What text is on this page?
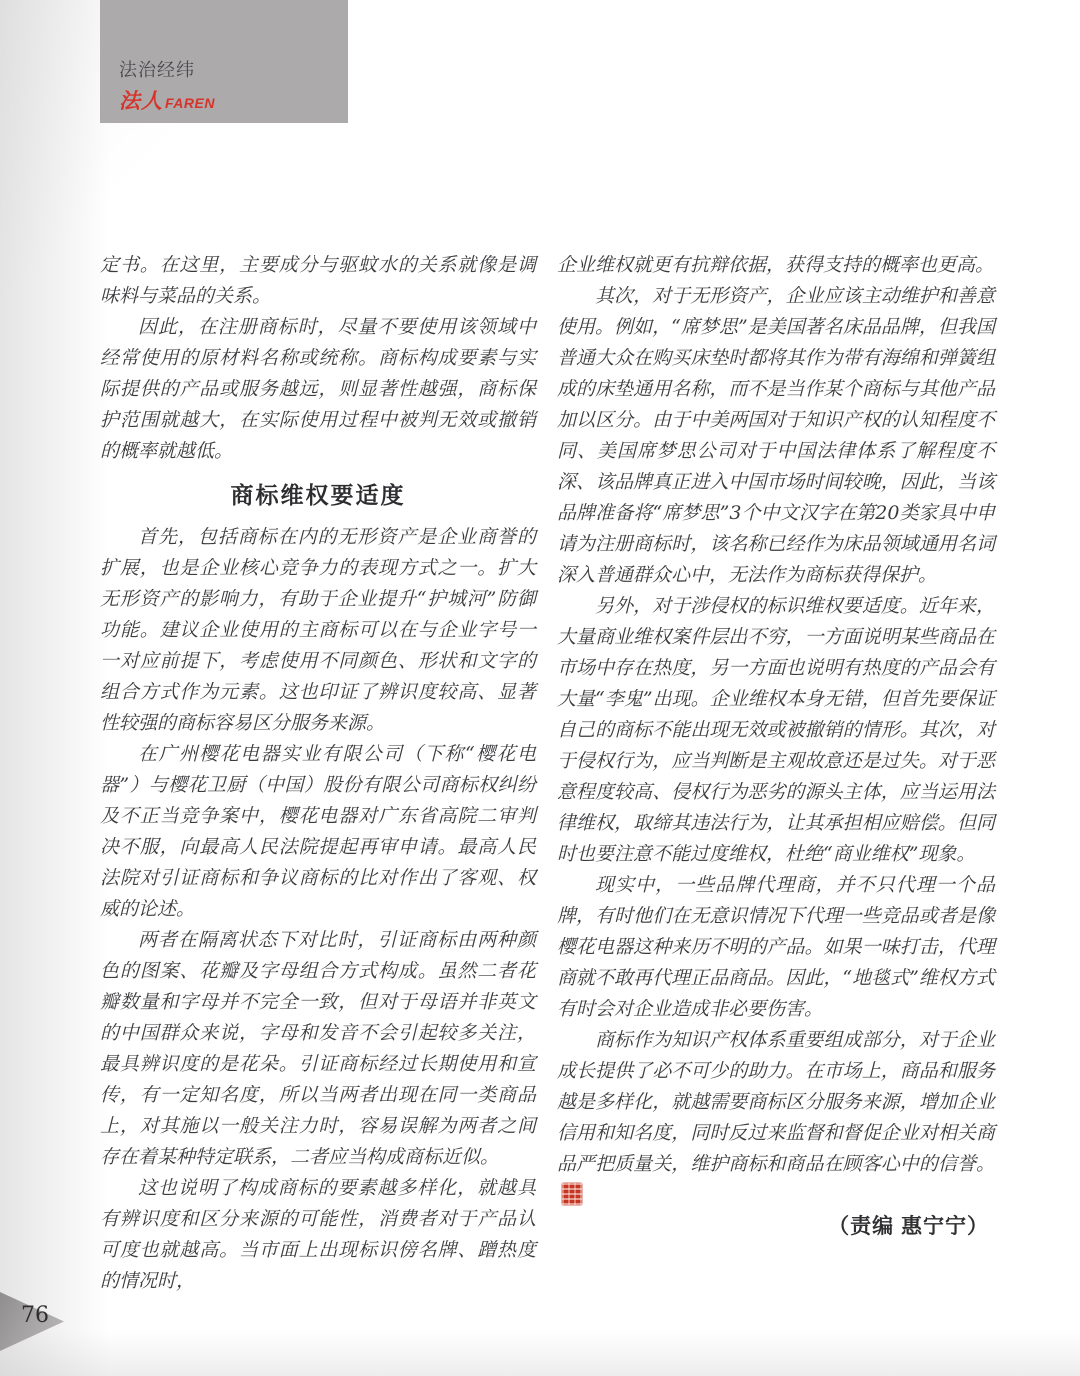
法治经纬
法人 FAREN

定书。在这里，主要成分与驱蚊水的关系就像是调味料与菜品的关系。

因此，在注册商标时，尽量不要使用该领域中经常使用的原材料名称或统称。商标构成要素与实际提供的产品或服务越远，则显著性越强，商标保护范围就越大，在实际使用过程中被判无效或撤销的概率就越低。

商标维权要适度

首先，包括商标在内的无形资产是企业商誉的扩展，也是企业核心竞争力的表现方式之一。扩大无形资产的影响力，有助于企业提升“护城河”防御功能。建议企业使用的主商标可以在与企业字号一一对应前提下，考虑使用不同颜色、形状和文字的组合方式作为元素。这也印证了辨识度较高、显著性较强的商标容易区分服务来源。

在广州樱花电器实业有限公司（下称“樱花电器”）与樱花卫厨（中国）股份有限公司商标权纠纷及不正当竞争案中，樱花电器对广东省高院二审判决不服，向最高人民法院提起再审申请。最高人民法院对引证商标和争议商标的比对作出了客观、权威的论述。

两者在隔离状态下对比时，引证商标由两种颜色的图案、花瓣及字母组合方式构成。虽然二者花瓣数量和字母并不完全一致，但对于母语并非英文的中国群众来说，字母和发音不会引起较多关注，最具辨识度的是花朵。引证商标经过长期使用和宣传，有一定知名度，所以当两者出现在同一类商品上，对其施以一般关注力时，容易误解为两者之间存在着某种特定联系，二者应当构成商标近似。

这也说明了构成商标的要素越多样化，就越具有辨识度和区分来源的可能性，消费者对于产品认可度也就越高。当市面上出现标识傍名牌、蹭热度的情况时，

企业维权就更有抗辩依据，获得支持的概率也更高。

其次，对于无形资产，企业应该主动维护和善意使用。例如，“席梦思”是美国著名床品品牌，但我国普通大众在购买床垫时都将其作为带有海绵和弹簧组成的床垫通用名称，而不是当作某个商标与其他产品加以区分。由于中美两国对于知识产权的认知程度不同、美国席梦思公司对于中国法律体系了解程度不深、该品牌真正进入中国市场时间较晚，因此，当该品牌准备将“席梦思”3个中文汉字在第20类家具中申请为注册商标时，该名称已经作为床品领域通用名词深入普通群众心中，无法作为商标获得保护。

另外，对于涉侵权的标识维权要适度。近年来，大量商业维权案件层出不穷，一方面说明某些商品在市场中存在热度，另一方面也说明有热度的产品会有大量“李鬼”出现。企业维权本身无错，但首先要保证自己的商标不能出现无效或被撤销的情形。其次，对于侵权行为，应当判断是主观故意还是过失。对于恶意程度较高、侵权行为恶劣的源头主体，应当运用法律维权，取缔其违法行为，让其承担相应赔偿。但同时也要注意不能过度维权，杜绝“商业维权”现象。

现实中，一些品牌代理商，并不只代理一个品牌，有时他们在无意识情况下代理一些竞品或者是像樱花电器这种来历不明的产品。如果一味打击，代理商就不敢再代理正品商品。因此，“地毯式”维权方式有时会对企业造成非必要伤害。

商标作为知识产权体系重要组成部分，对于企业成长提供了必不可少的助力。在市场上，商品和服务越是多样化，就越需要商标区分服务来源，增加企业信用和知名度，同时反过来监督和督促企业对相关商品严把质量关，维护商标和商品在顾客心中的信誉。

（责编 惠宁宁）

76
